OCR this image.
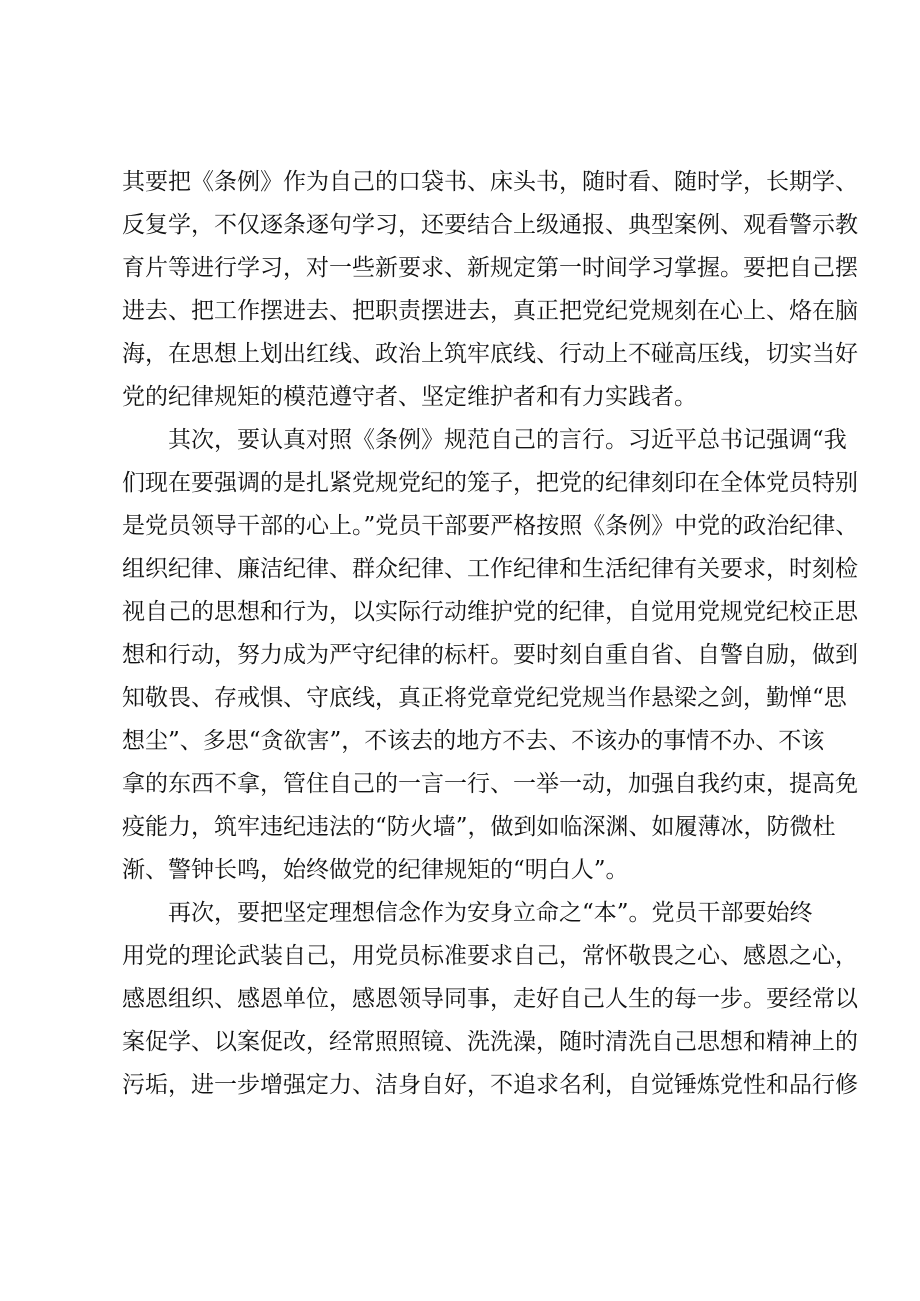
其要把《条例》作为自己的口袋书、床头书，随时看、随时学，长期学、
反复学，不仅逐条逐句学习，还要结合上级通报、典型案例、观看警示教
育片等进行学习，对一些新要求、新规定第一时间学习掌握。要把自己摆
进去、把工作摆进去、把职责摆进去，真正把党纪党规刻在心上、烙在脑
海，在思想上划出红线、政治上筑牢底线、行动上不碰高压线，切实当好
党的纪律规矩的模范遵守者、坚定维护者和有力实践者。
其次，要认真对照《条例》规范自己的言行。习近平总书记强调“我
们现在要强调的是扎紧党规党纪的笼子，把党的纪律刻印在全体党员特别
是党员领导干部的心上。”党员干部要严格按照《条例》中党的政治纪律、
组织纪律、廉洁纪律、群众纪律、工作纪律和生活纪律有关要求，时刻检
视自己的思想和行为，以实际行动维护党的纪律，自觉用党规党纪校正思
想和行动，努力成为严守纪律的标杆。要时刻自重自省、自警自励，做到
知敬畏、存戒惧、守底线，真正将党章党纪党规当作悬梁之剑，勤惮“思
想尘”、多思“贪欲害”，不该去的地方不去、不该办的事情不办、不该
拿的东西不拿，管住自己的一言一行、一举一动，加强自我约束，提高免
疫能力，筑牢违纪违法的“防火墙”，做到如临深渊、如履薄冰，防微杜
渐、警钟长鸣，始终做党的纪律规矩的“明白人”。
再次，要把坚定理想信念作为安身立命之“本”。党员干部要始终
用党的理论武装自己，用党员标准要求自己，常怀敬畏之心、感恩之心，
感恩组织、感恩单位，感恩领导同事，走好自己人生的每一步。要经常以
案促学、以案促改，经常照照镜、洗洗澡，随时清洗自己思想和精神上的
污垢，进一步增强定力、洁身自好，不追求名利，自觉锤炼党性和品行修
